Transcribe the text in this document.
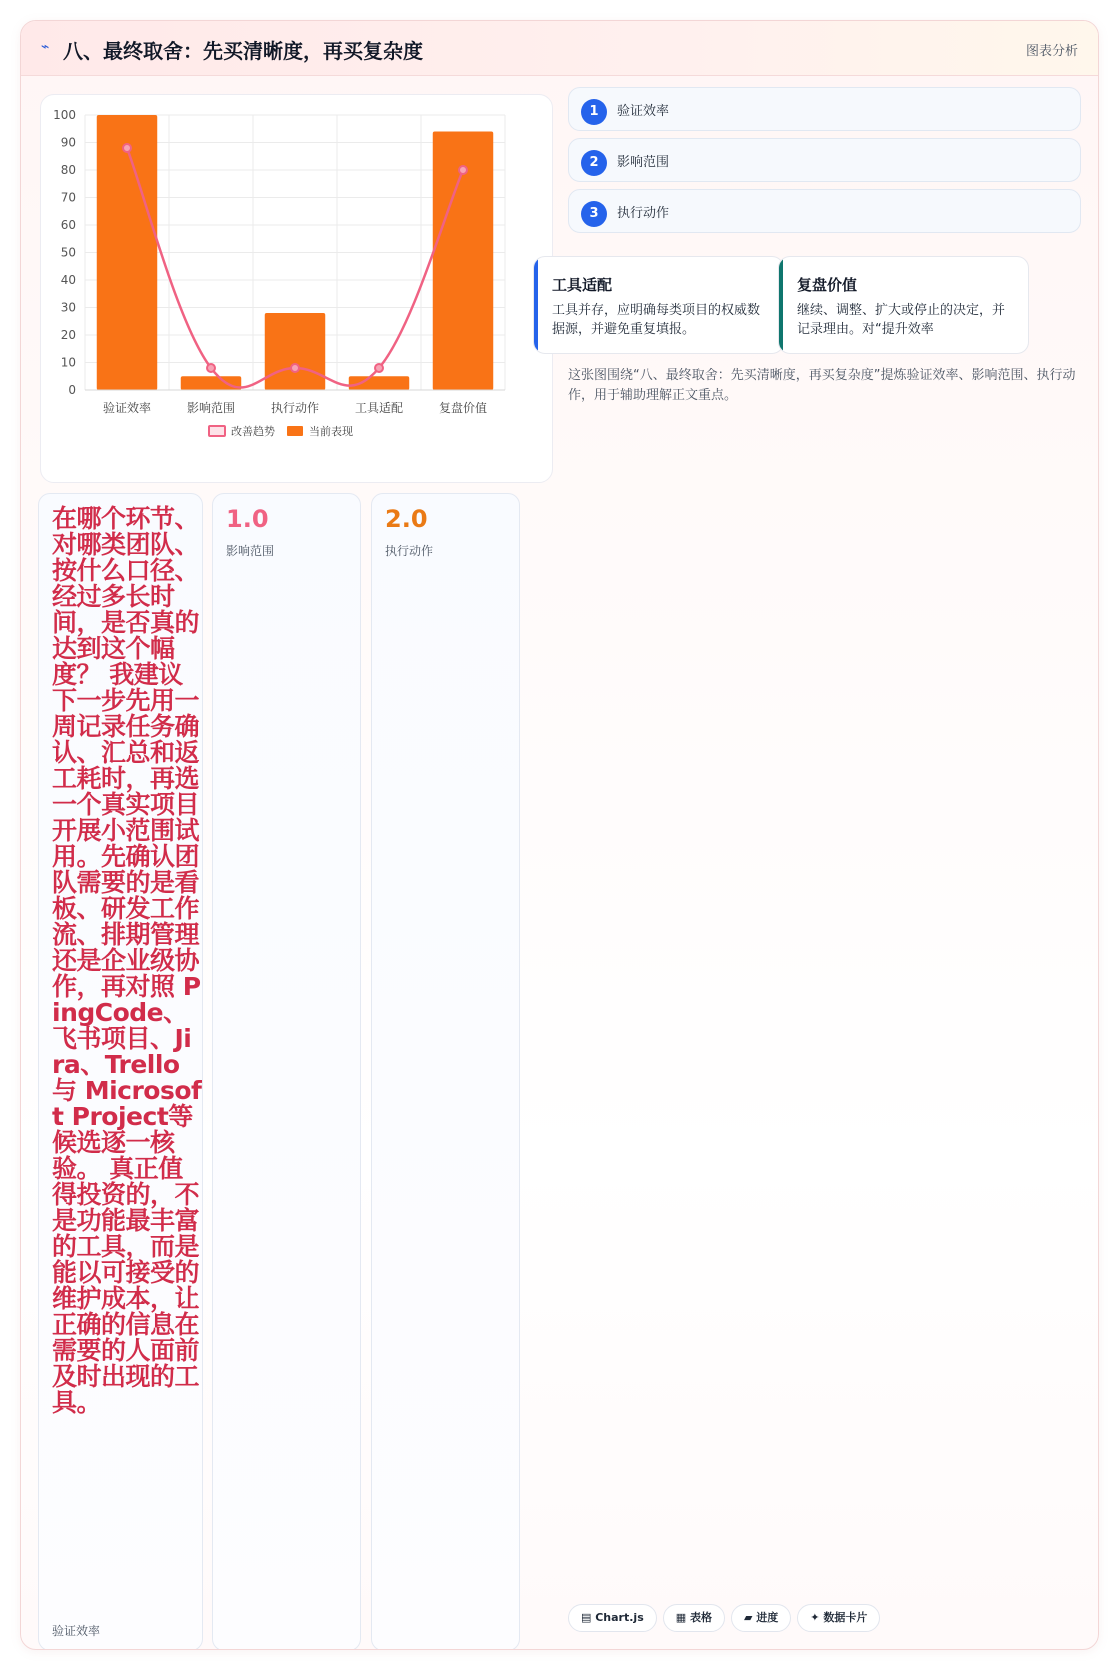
⌁ 八、最终取舍：先买清晰度，再买复杂度	图表分析
0
10
20
30
40
50
60
70
80
90
100
验证效率	影响范围	执行动作	工具适配	复盘价值
改善趋势	当前表现
1	验证效率
2	影响范围
3	执行动作
工具适配
工具并存，应明确每类项目的权威数据源，并避免重复填报。
复盘价值
继续、调整、扩大或停止的决定，并记录理由。对“提升效率
这张图围绕“八、最终取舍：先买清晰度，再买复杂度”提炼验证效率、影响范围、执行动作，用于辅助理解正文重点。
在哪个环节、对哪类团队、按什么口径、经过多长时间，是否真的达到这个幅度？ 我建议下一步先用一周记录任务确认、汇总和返工耗时，再选一个真实项目开展小范围试用。先确认团队需要的是看板、研发工作流、排期管理还是企业级协作，再对照 PingCode、飞书项目、Jira、Trello 与 Microsoft Project等候选逐一核验。 真正值得投资的，不是功能最丰富的工具，而是能以可接受的维护成本，让正确的信息在需要的人面前及时出现的工具。
验证效率
1.0
影响范围
2.0
执行动作
▤ Chart.js	▦ 表格	▰ 进度	✦ 数据卡片
